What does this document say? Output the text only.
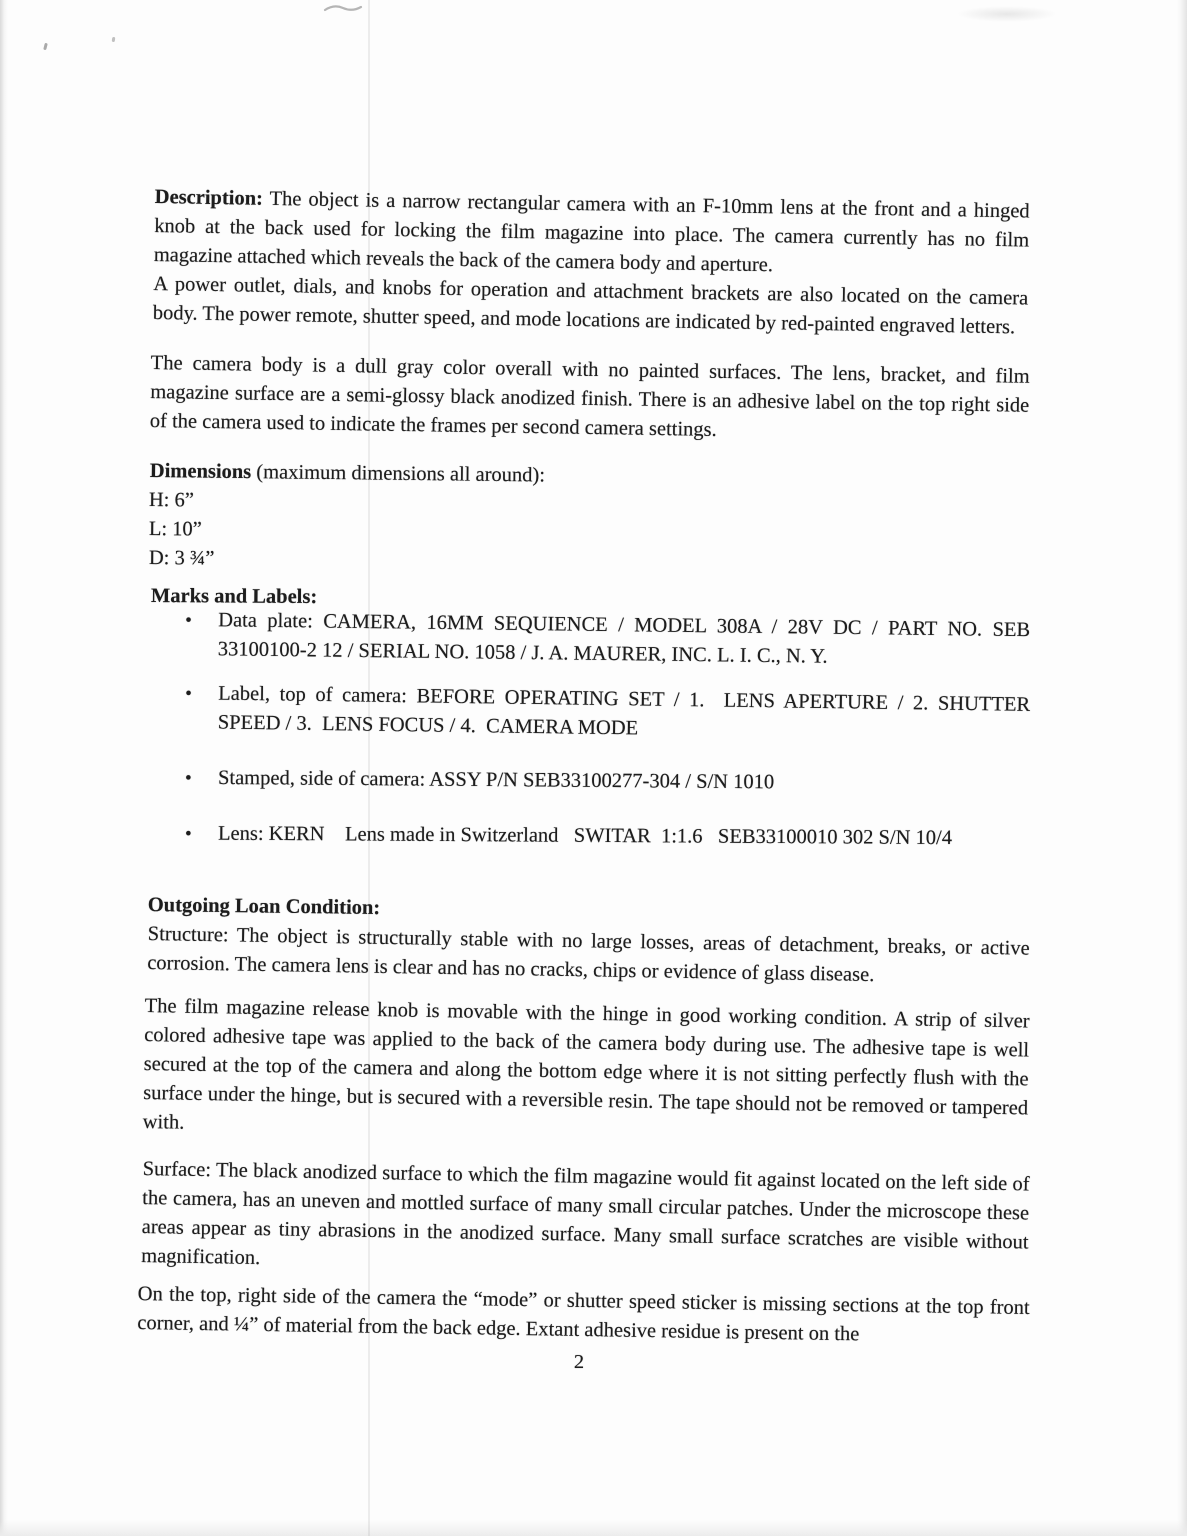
Description: The object is a narrow rectangular camera with an F-10mm lens at the front and a hinged knob at the back used for locking the film magazine into place. The camera currently has no film magazine attached which reveals the back of the camera body and aperture.
A power outlet, dials, and knobs for operation and attachment brackets are also located on the camera body. The power remote, shutter speed, and mode locations are indicated by red-painted engraved letters.

The camera body is a dull gray color overall with no painted surfaces. The lens, bracket, and film magazine surface are a semi-glossy black anodized finish. There is an adhesive label on the top right side of the camera used to indicate the frames per second camera settings.

Dimensions (maximum dimensions all around):

H: 6”
L: 10”
D: 3 ¾”

Marks and Labels:

•	Data plate: CAMERA, 16MM SEQUIENCE / MODEL 308A / 28V DC / PART NO. SEB 33100100-2 12 / SERIAL NO. 1058 / J. A. MAURER, INC. L. I. C., N. Y.
•	Label, top of camera: BEFORE OPERATING SET / 1.  LENS APERTURE / 2. SHUTTER SPEED / 3.  LENS FOCUS / 4.  CAMERA MODE
•	Stamped, side of camera: ASSY P/N SEB33100277-304 / S/N 1010
•	Lens: KERN    Lens made in Switzerland   SWITAR  1:1.6   SEB33100010 302 S/N 10/4

Outgoing Loan Condition:

Structure: The object is structurally stable with no large losses, areas of detachment, breaks, or active corrosion. The camera lens is clear and has no cracks, chips or evidence of glass disease.

The film magazine release knob is movable with the hinge in good working condition. A strip of silver colored adhesive tape was applied to the back of the camera body during use. The adhesive tape is well secured at the top of the camera and along the bottom edge where it is not sitting perfectly flush with the surface under the hinge, but is secured with a reversible resin. The tape should not be removed or tampered with.

Surface: The black anodized surface to which the film magazine would fit against located on the left side of the camera, has an uneven and mottled surface of many small circular patches. Under the microscope these areas appear as tiny abrasions in the anodized surface. Many small surface scratches are visible without magnification.

On the top, right side of the camera the “mode” or shutter speed sticker is missing sections at the top front corner, and ¼” of material from the back edge. Extant adhesive residue is present on the

2
